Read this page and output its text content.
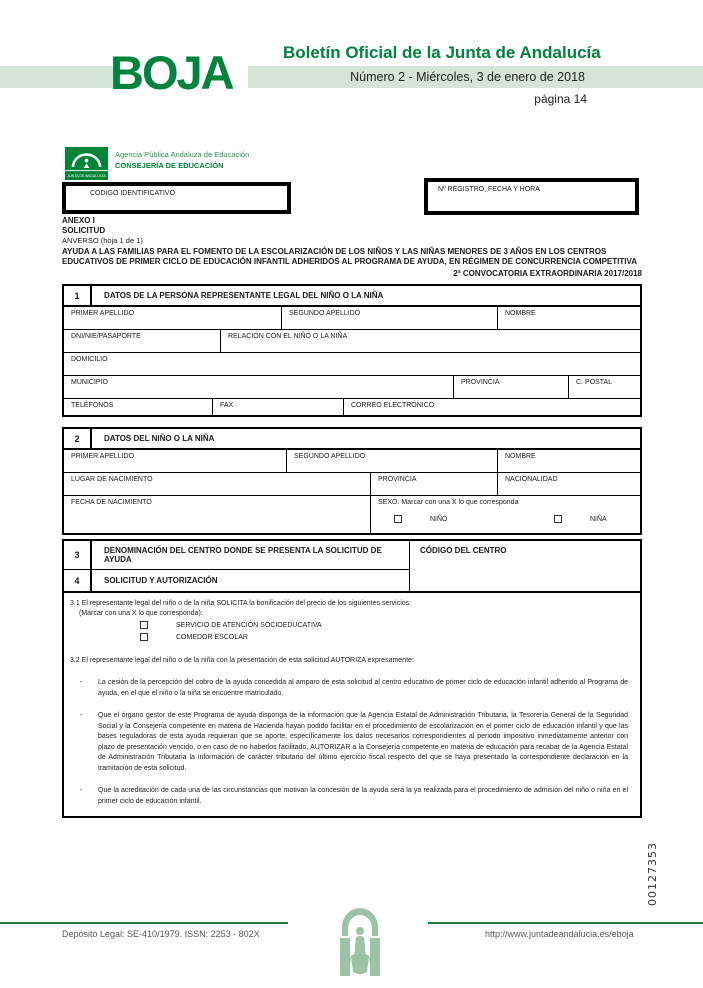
BOJA	Boletín Oficial de la Junta de Andalucía
Número 2 - Miércoles, 3 de enero de 2018
página 14
JUNTA DE ANDALUCÍA
Agencia Pública Andaluza de Educación
CONSEJERÍA DE EDUCACIÓN
CODIGO IDENTIFICATIVO
Nº REGISTRO, FECHA Y HORA
ANEXO I
SOLICITUD
ANVERSO (hoja 1 de 1)
AYUDA A LAS FAMILIAS PARA EL FOMENTO DE LA ESCOLARIZACIÓN DE LOS NIÑOS Y LAS NIÑAS MENORES DE 3 AÑOS EN LOS CENTROS EDUCATIVOS DE PRIMER CICLO DE EDUCACIÓN INFANTIL ADHERIDOS AL PROGRAMA DE AYUDA, EN RÉGIMEN DE CONCURRENCIA COMPETITIVA
2ª CONVOCATORIA EXTRAORDINARIA 2017/2018
1	DATOS DE LA PERSONA REPRESENTANTE LEGAL DEL NIÑO O LA NIÑA
PRIMER APELLIDO	SEGUNDO APELLIDO	NOMBRE
DNI/NIE/PASAPORTE	RELACIÓN CON EL NIÑO O LA NIÑA
DOMICILIO
MUNICIPIO	PROVINCIA	C. POSTAL
TELÉFONOS	FAX	CORREO ELECTRÓNICO
2	DATOS DEL NIÑO O LA NIÑA
PRIMER APELLIDO	SEGUNDO APELLIDO	NOMBRE
LUGAR DE NACIMIENTO	PROVINCIA	NACIONALIDAD
FECHA DE NACIMIENTO	SEXO. Marcar con una X lo que corresponda
NIÑO	NIÑA
3	DENOMINACIÓN DEL CENTRO DONDE SE PRESENTA LA SOLICITUD DE AYUDA
4	SOLICITUD Y AUTORIZACIÓN
CÓDIGO DEL CENTRO
3.1 El representante legal del niño o de la niña SOLICITA la bonificación del precio de los siguientes servicios:
(Marcar con una X lo que corresponda):
SERVICIO DE ATENCIÓN SOCIOEDUCATIVA
COMEDOR ESCOLAR
3.2 El representante legal del niño o de la niña con la presentación de esta solicitud AUTORIZA expresamente:
-	La cesión de la percepción del cobro de la ayuda concedida al amparo de esta solicitud al centro educativo de primer ciclo de educación infantil adherido al Programa de ayuda, en el que el niño o la niña se encuentre matriculado.
-	Que el órgano gestor de este Programa de ayuda disponga de la información que la Agencia Estatal de Administración Tributaria, la Tesorería General de la Seguridad Social y la Consejería competente en materia de Hacienda hayan podido facilitar en el procedimiento de escolarización en el primer ciclo de educación infantil y que las bases reguladoras de esta ayuda requieran que se aporte, específicamente los datos necesarios correspondientes al periodo impositivo inmediatamente anterior con plazo de presentación vencido, o en caso de no haberlos facilitado, AUTORIZAR a la Consejería competente en materia de educación para recabar de la Agencia Estatal de Administración Tributaria la información de carácter tributario del último ejercicio fiscal respecto del que se haya presentado la correspondiente declaración en la tramitación de esta solicitud.
-	Que la acreditación de cada una de las circunstancias que motivan la concesión de la ayuda será la ya realizada para el procedimiento de admisión del niño o niña en el primer ciclo de educación infantil.
00127353
Depósito Legal: SE-410/1979. ISSN: 2253 - 802X	http://www.juntadeandalucia.es/eboja
